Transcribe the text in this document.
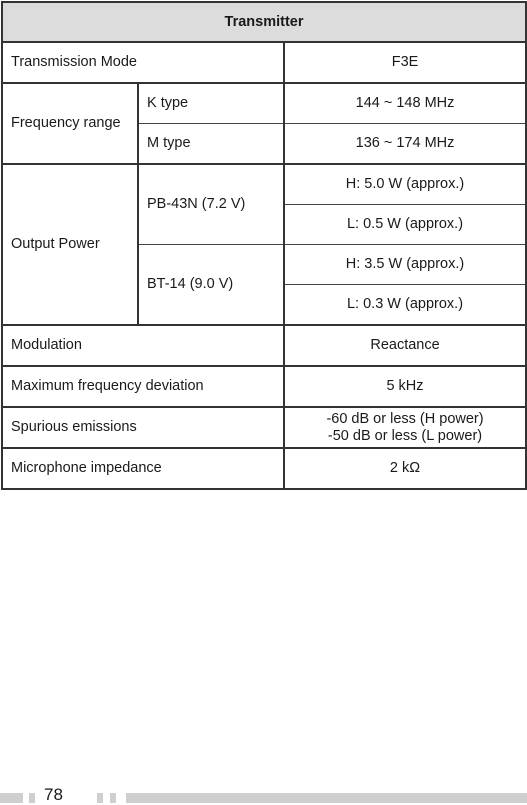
Transmitter		
Transmission Mode		F3E
Frequency range	K type	144 ~ 148 MHz
	M type	136 ~ 174 MHz
Output Power	PB-43N (7.2 V)	H: 5.0 W (approx.)
		L: 0.5 W (approx.)
	BT-14 (9.0 V)	H: 3.5 W (approx.)
		L: 0.3 W (approx.)
Modulation		Reactance
Maximum frequency deviation		5 kHz
Spurious emissions		-60 dB or less (H power)
-50 dB or less (L power)

Microphone impedance		2 kΩ
78
